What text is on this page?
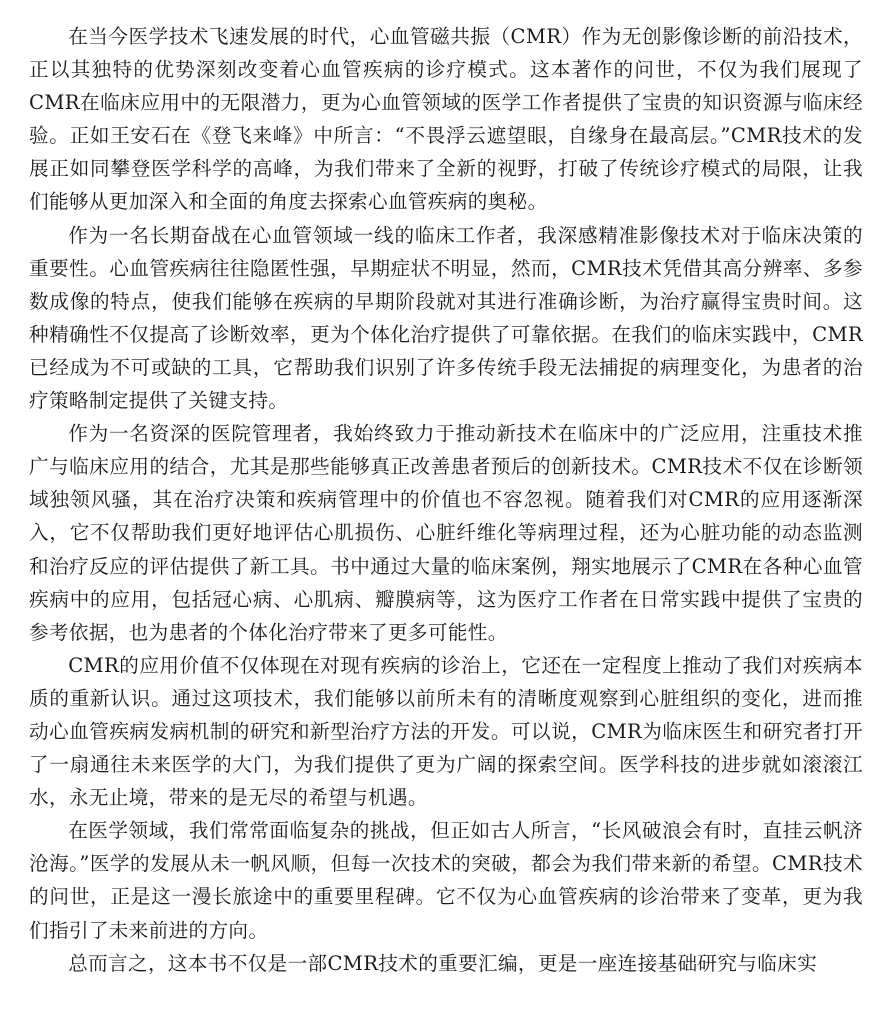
在当今医学技术飞速发展的时代，心血管磁共振（CMR）作为无创影像诊断的前沿技术，正以其独特的优势深刻改变着心血管疾病的诊疗模式。这本著作的问世，不仅为我们展现了CMR在临床应用中的无限潜力，更为心血管领域的医学工作者提供了宝贵的知识资源与临床经验。正如王安石在《登飞来峰》中所言：“不畏浮云遮望眼，自缘身在最高层。”CMR技术的发展正如同攀登医学科学的高峰，为我们带来了全新的视野，打破了传统诊疗模式的局限，让我们能够从更加深入和全面的角度去探索心血管疾病的奥秘。

作为一名长期奋战在心血管领域一线的临床工作者，我深感精准影像技术对于临床决策的重要性。心血管疾病往往隐匿性强，早期症状不明显，然而，CMR技术凭借其高分辨率、多参数成像的特点，使我们能够在疾病的早期阶段就对其进行准确诊断，为治疗赢得宝贵时间。这种精确性不仅提高了诊断效率，更为个体化治疗提供了可靠依据。在我们的临床实践中，CMR已经成为不可或缺的工具，它帮助我们识别了许多传统手段无法捕捉的病理变化，为患者的治疗策略制定提供了关键支持。

作为一名资深的医院管理者，我始终致力于推动新技术在临床中的广泛应用，注重技术推广与临床应用的结合，尤其是那些能够真正改善患者预后的创新技术。CMR技术不仅在诊断领域独领风骚，其在治疗决策和疾病管理中的价值也不容忽视。随着我们对CMR的应用逐渐深入，它不仅帮助我们更好地评估心肌损伤、心脏纤维化等病理过程，还为心脏功能的动态监测和治疗反应的评估提供了新工具。书中通过大量的临床案例，翔实地展示了CMR在各种心血管疾病中的应用，包括冠心病、心肌病、瓣膜病等，这为医疗工作者在日常实践中提供了宝贵的参考依据，也为患者的个体化治疗带来了更多可能性。

CMR的应用价值不仅体现在对现有疾病的诊治上，它还在一定程度上推动了我们对疾病本质的重新认识。通过这项技术，我们能够以前所未有的清晰度观察到心脏组织的变化，进而推动心血管疾病发病机制的研究和新型治疗方法的开发。可以说，CMR为临床医生和研究者打开了一扇通往未来医学的大门，为我们提供了更为广阔的探索空间。医学科技的进步就如滚滚江水，永无止境，带来的是无尽的希望与机遇。

在医学领域，我们常常面临复杂的挑战，但正如古人所言，“长风破浪会有时，直挂云帆济沧海。”医学的发展从未一帆风顺，但每一次技术的突破，都会为我们带来新的希望。CMR技术的问世，正是这一漫长旅途中的重要里程碑。它不仅为心血管疾病的诊治带来了变革，更为我们指引了未来前进的方向。

总而言之，这本书不仅是一部CMR技术的重要汇编，更是一座连接基础研究与临床实
